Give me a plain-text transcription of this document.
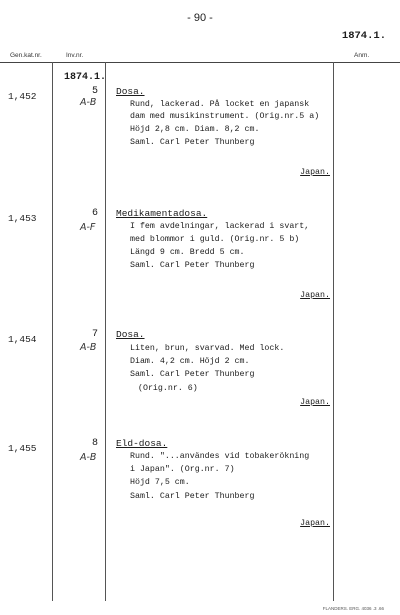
- 90 -
1874.1.
Gen.kat.nr.	Inv.nr.	Anm.
1874.1.
1,452	5
A-B
Dosa.
Rund, lackerad. På locket en japansk
dam med musikinstrument. (Orig.nr.5 a)
Höjd 2,8 cm. Diam. 8,2 cm.
Saml. Carl Peter Thunberg
Japan.
1,453	6
A-F
Medikamentadosa.
I fem avdelningar, lackerad i svart,
med blommor i guld. (Orig.nr. 5 b)
Längd 9 cm. Bredd 5 cm.
Saml. Carl Peter Thunberg
Japan.
1,454	7
A-B
Dosa.
Liten, brun, svarvad. Med lock.
Diam. 4,2 cm. Höjd 2 cm.
Saml. Carl Peter Thunberg
(Orig.nr. 6)
Japan.
1,455	8
A-B
Eld-dosa.
Rund. "...användes vid tobakerökning
i Japan". (Org.nr. 7)
Höjd 7,5 cm.
Saml. Carl Peter Thunberg
Japan.
FLANDERS. ERG. 4036 .3 .66
